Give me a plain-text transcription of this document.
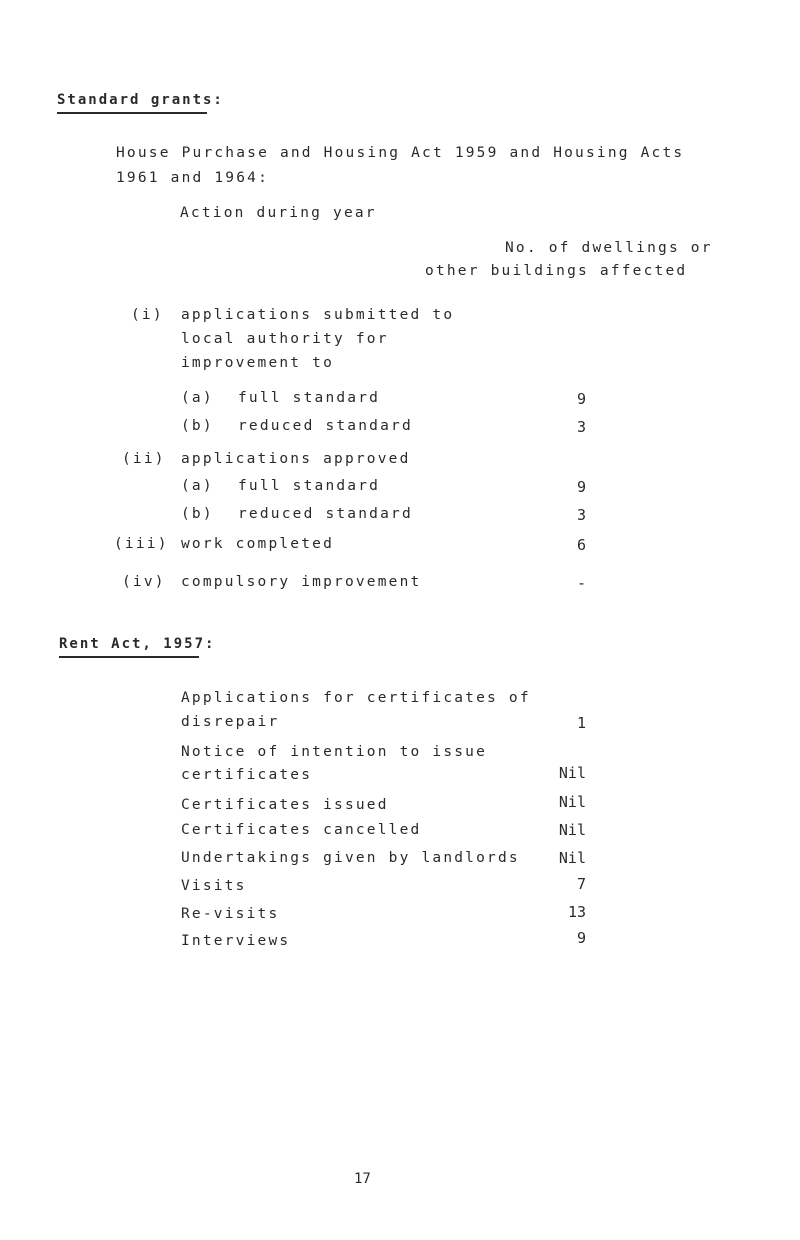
Standard grants:
House Purchase and Housing Act 1959 and Housing Acts
1961 and 1964:
Action during year
No. of dwellings or
other buildings affected
(i) applications submitted to
local authority for
improvement to
(a) full standard	9
(b) reduced standard	3
(ii) applications approved
(a) full standard	9
(b) reduced standard	3
(iii) work completed	6
(iv) compulsory improvement	-
Rent Act, 1957:
Applications for certificates of
disrepair	1
Notice of intention to issue
certificates	Nil
Certificates issued	Nil
Certificates cancelled	Nil
Undertakings given by landlords	Nil
Visits	7
Re-visits	13
Interviews	9
17
